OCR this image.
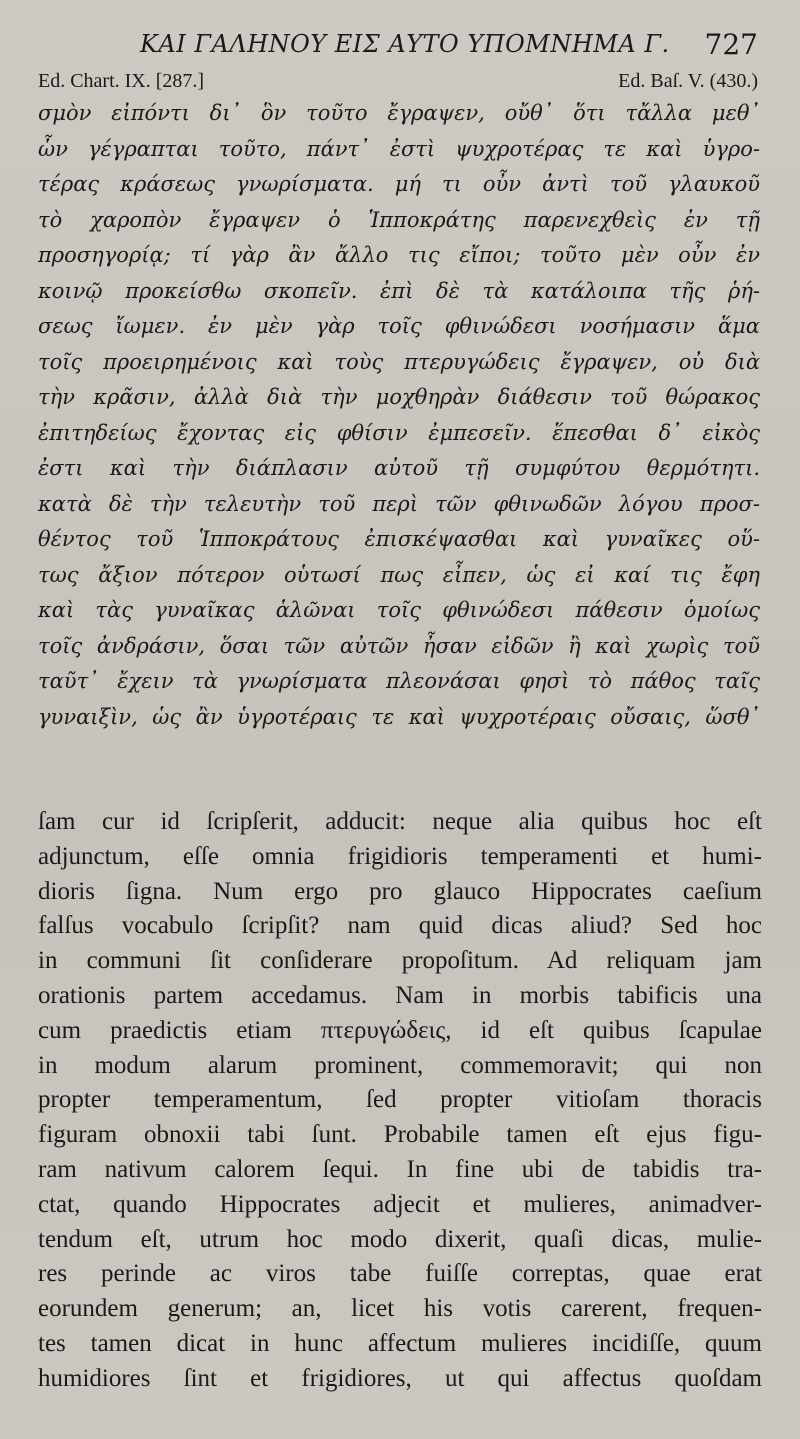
ΚΑΙ ΓΑΛΗΝΟΥ ΕΙΣ ΑΥΤΟ ΥΠΟΜΝΗΜΑ Γ. 727
Ed. Chart. IX. [287.]	Ed. Baſ. V. (430.)
σμὸν εἰπόντι δι᾽ ὃν τοῦτο ἔγραψεν, οὔθ᾽ ὅτι τἄλλα μεθ᾽
ὧν γέγραπται τοῦτο, πάντ᾽ ἐστὶ ψυχροτέρας τε καὶ ὑγρο-
τέρας κράσεως γνωρίσματα. μή τι οὖν ἀντὶ τοῦ γλαυκοῦ
τὸ χαροπὸν ἔγραψεν ὁ Ἱπποκράτης παρενεχθεὶς ἐν τῇ
προσηγορίᾳ; τί γὰρ ἂν ἄλλο τις εἴποι; τοῦτο μὲν οὖν ἐν
κοινῷ προκείσθω σκοπεῖν. ἐπὶ δὲ τὰ κατάλοιπα τῆς ῥή-
σεως ἴωμεν. ἐν μὲν γὰρ τοῖς φθινώδεσι νοσήμασιν ἅμα
τοῖς προειρημένοις καὶ τοὺς πτερυγώδεις ἔγραψεν, οὐ διὰ
τὴν κρᾶσιν, ἀλλὰ διὰ τὴν μοχθηρὰν διάθεσιν τοῦ θώρακος
ἐπιτηδείως ἔχοντας εἰς φθίσιν ἐμπεσεῖν. ἕπεσθαι δ᾽ εἰκὸς
ἐστι καὶ τὴν διάπλασιν αὐτοῦ τῇ συμφύτου θερμότητι.
κατὰ δὲ τὴν τελευτὴν τοῦ περὶ τῶν φθινωδῶν λόγου προσ-
θέντος τοῦ Ἱπποκράτους ἐπισκέψασθαι καὶ γυναῖκες οὕ-
τως ἄξιον πότερον οὑτωσί πως εἶπεν, ὡς εἰ καί τις ἔφη
καὶ τὰς γυναῖκας ἁλῶναι τοῖς φθινώδεσι πάθεσιν ὁμοίως
τοῖς ἀνδράσιν, ὅσαι τῶν αὐτῶν ἦσαν εἰδῶν ἢ καὶ χωρὶς τοῦ
ταῦτ᾽ ἔχειν τὰ γνωρίσματα πλεονάσαι φησὶ τὸ πάθος ταῖς
γυναιξὶν, ὡς ἂν ὑγροτέραις τε καὶ ψυχροτέραις οὔσαις, ὥσθ᾽
ſam cur id ſcripſerit, adducit: neque alia quibus hoc eſt
adjunctum, eſſe omnia frigidioris temperamenti et humi-
dioris ſigna. Num ergo pro glauco Hippocrates caeſium
falſus vocabulo ſcripſit? nam quid dicas aliud? Sed hoc
in communi ſit conſiderare propoſitum. Ad reliquam jam
orationis partem accedamus. Nam in morbis tabificis una
cum praedictis etiam πτερυγώδεις, id eſt quibus ſcapulae
in modum alarum prominent, commemoravit; qui non
propter temperamentum, ſed propter vitioſam thoracis
figuram obnoxii tabi ſunt. Probabile tamen eſt ejus figu-
ram nativum calorem ſequi. In fine ubi de tabidis tra-
ctat, quando Hippocrates adjecit et mulieres, animadver-
tendum eſt, utrum hoc modo dixerit, quaſi dicas, mulie-
res perinde ac viros tabe fuiſſe correptas, quae erat
eorundem generum; an, licet his votis carerent, frequen-
tes tamen dicat in hunc affectum mulieres incidiſſe, quum
humidiores ſint et frigidiores, ut qui affectus quoſdam
